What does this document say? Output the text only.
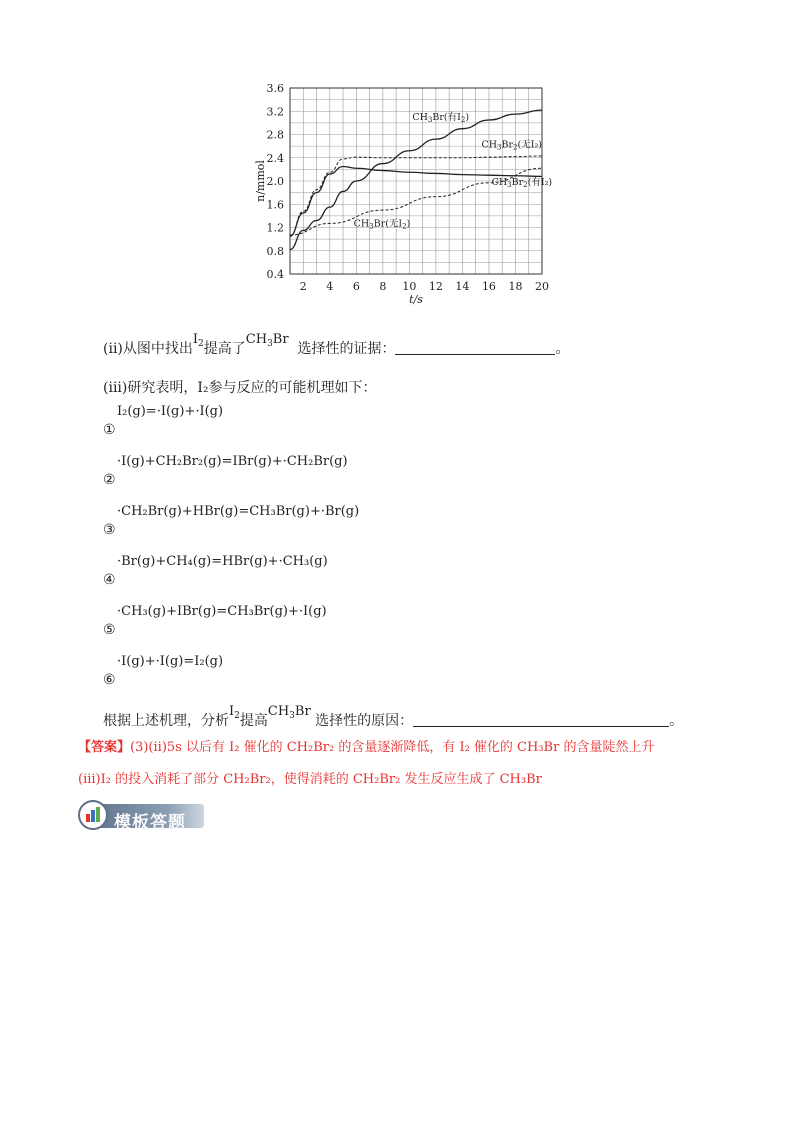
0.4
0.8
1.2
1.6
2.0
2.4
2.8
3.2
3.6
2 4 6 8 10 12 14 16 18 20
t/s
n/mmol
$CH_3Br$(有$I_2$)
$CH_3Br_2$(无I₂)
$CH_3Br_2$(有I₂)
$CH_3Br$(无$I_2$)
(ii)从图中找出$I_2$提高了$CH_3Br$  选择性的证据：	。
(iii)研究表明，I₂参与反应的可能机理如下：
①
I₂(g)=·I(g)+·I(g)
②
·I(g)+CH₂Br₂(g)=IBr(g)+·CH₂Br(g)
③
·CH₂Br(g)+HBr(g)=CH₃Br(g)+·Br(g)
④
·Br(g)+CH₄(g)=HBr(g)+·CH₃(g)
⑤
·CH₃(g)+IBr(g)=CH₃Br(g)+·I(g)
⑥
·I(g)+·I(g)=I₂(g)
根据上述机理，分析$I_2$提高$CH_3Br$ 选择性的原因：	。
【答案】(3)(ii)5s 以后有 I₂ 催化的 CH₂Br₂ 的含量逐渐降低，有 I₂ 催化的 CH₃Br 的含量陡然上升
(iii)I₂ 的投入消耗了部分 CH₂Br₂，使得消耗的 CH₂Br₂ 发生反应生成了 CH₃Br
模板答题
